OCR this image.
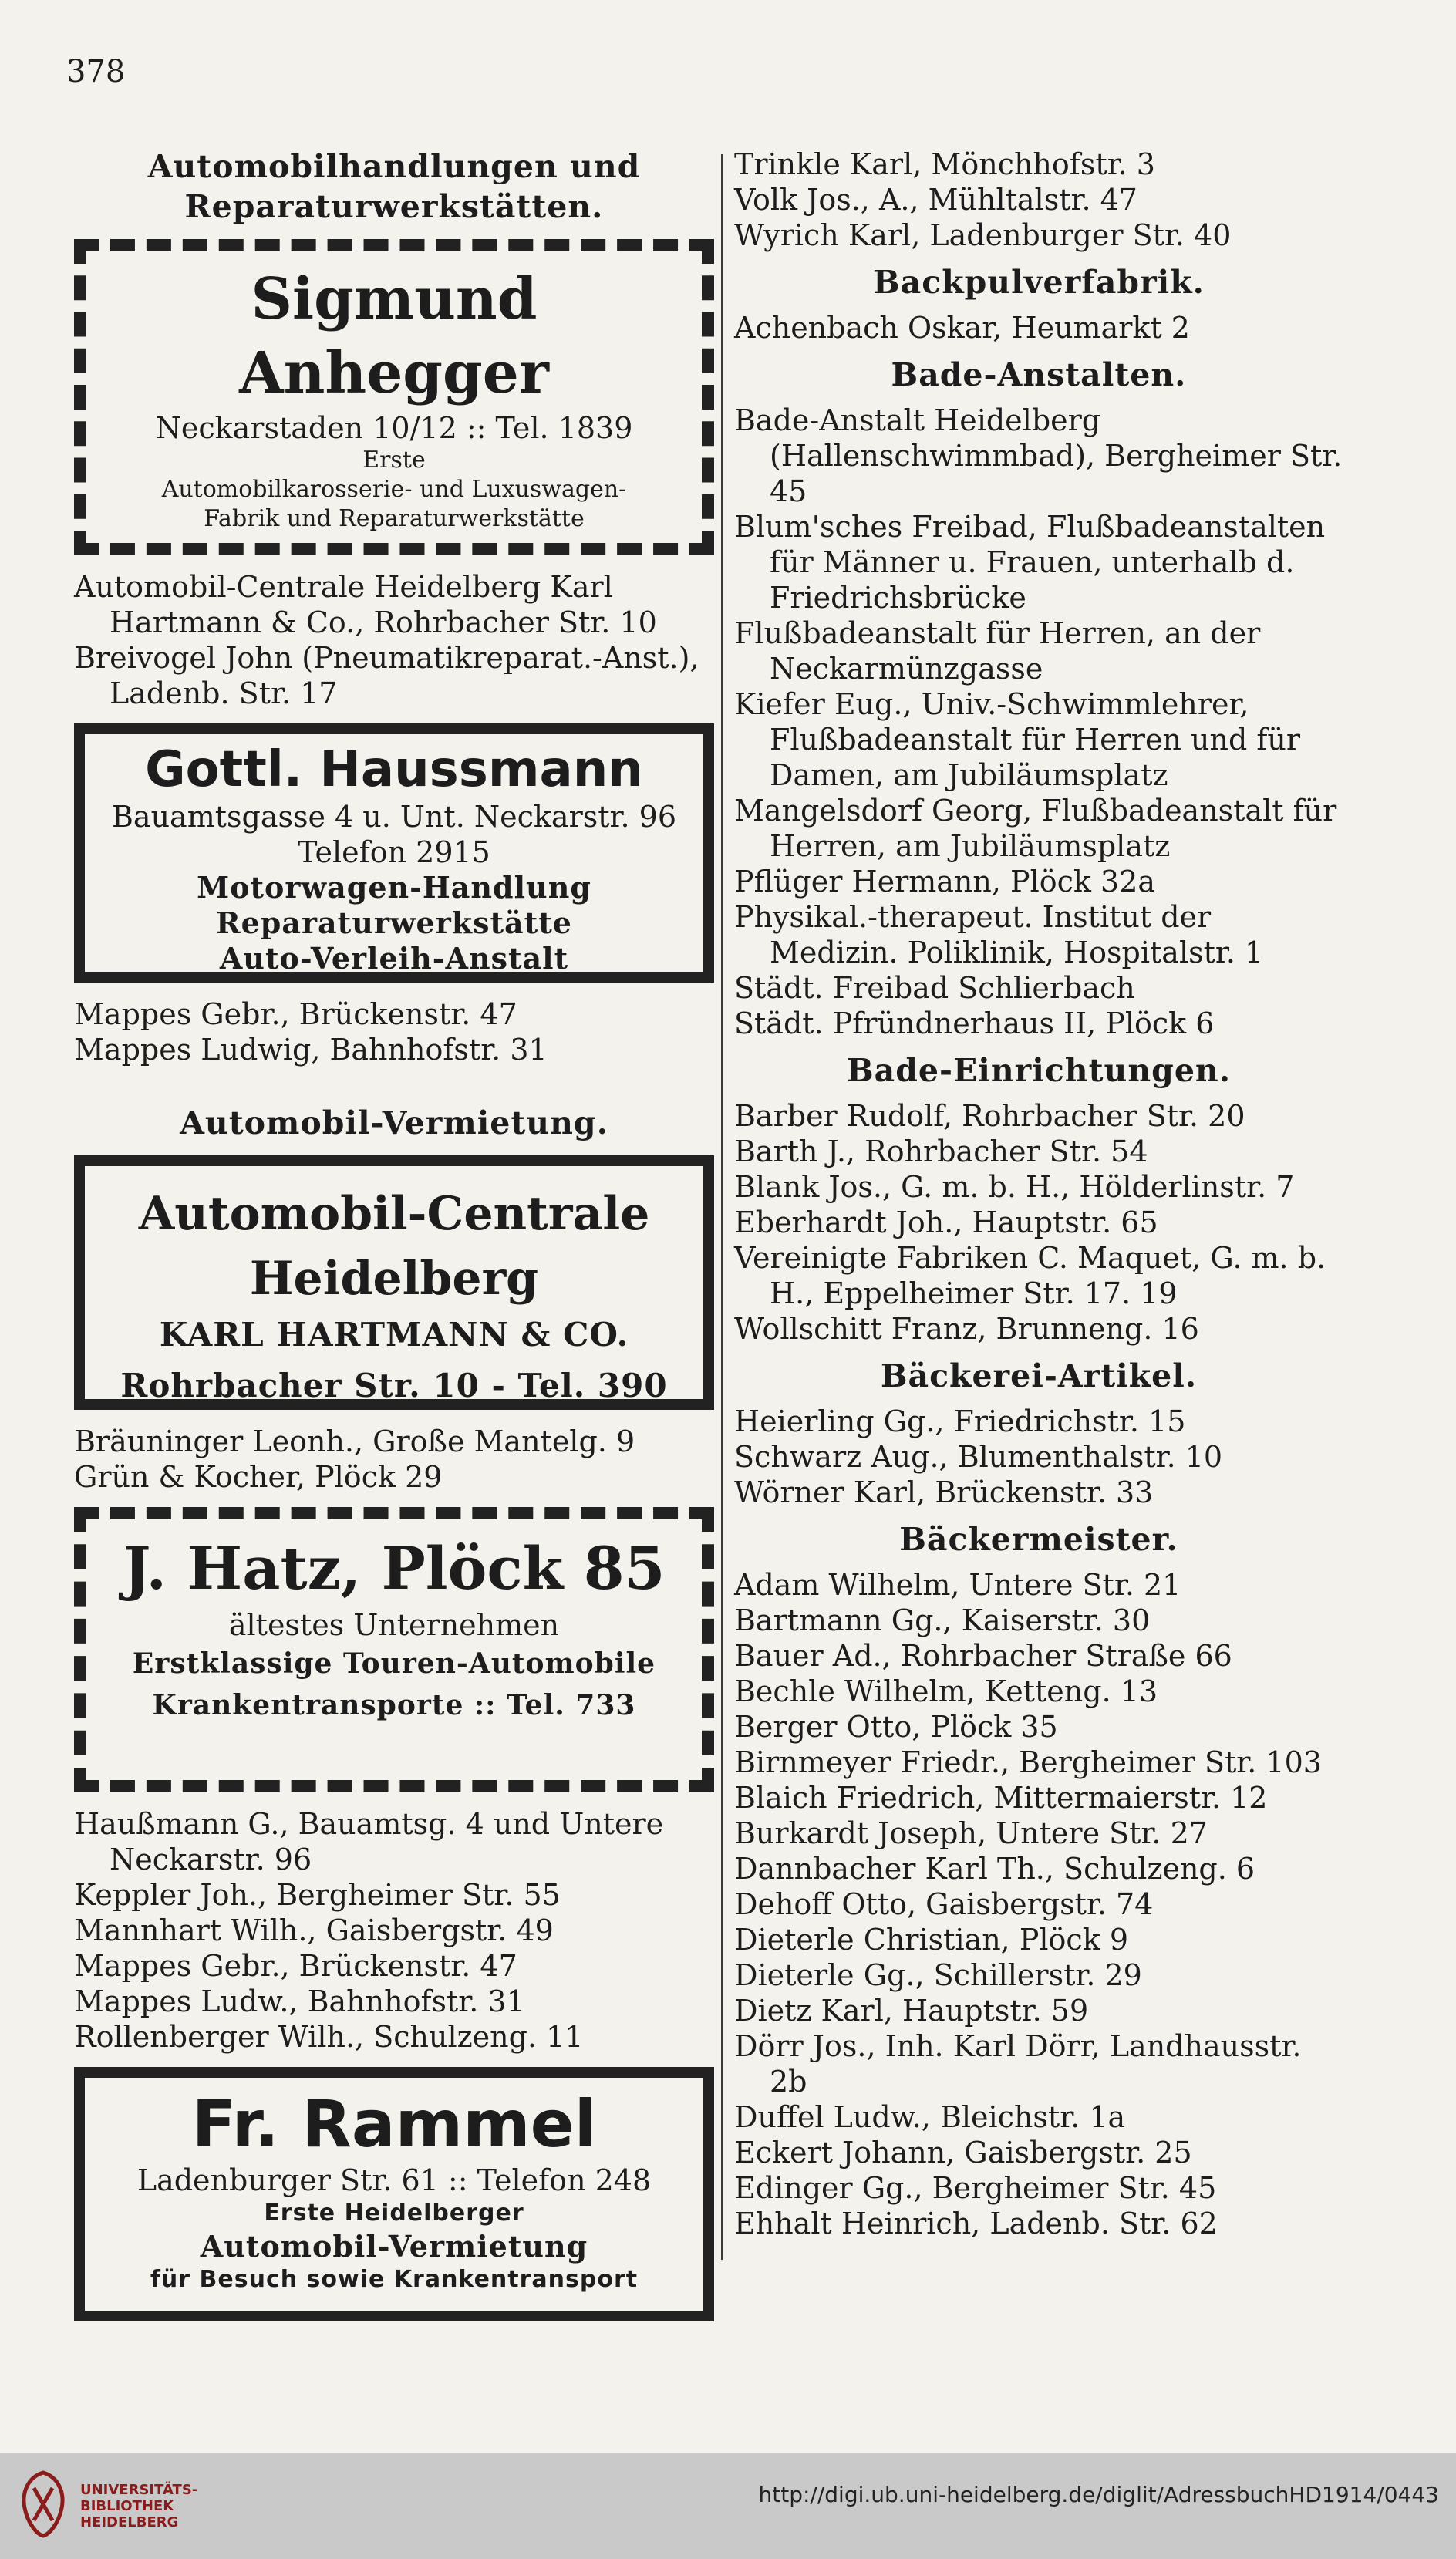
378
Automobilhandlungen und Reparaturwerkstätten.
Sigmund Anhegger
Neckarstaden 10/12 :: Tel. 1839
Erste
Automobilkarosserie- und Luxuswagen-
Fabrik und Reparaturwerkstätte
Automobil-Centrale Heidelberg Karl Hartmann & Co., Rohrbacher Str. 10
Breivogel John (Pneumatikreparat.-Anst.), Ladenb. Str. 17
Gottl. Haussmann
Bauamtsgasse 4 u. Unt. Neckarstr. 96
Telefon 2915
Motorwagen-Handlung
Reparaturwerkstätte
Auto-Verleih-Anstalt
Mappes Gebr., Brückenstr. 47
Mappes Ludwig, Bahnhofstr. 31
Automobil-Vermietung.
Automobil-Centrale Heidelberg
KARL HARTMANN & CO.
Rohrbacher Str. 10 - Tel. 390
Bräuninger Leonh., Große Mantelg. 9
Grün & Kocher, Plöck 29
J. Hatz, Plöck 85
ältestes Unternehmen
Erstklassige Touren-Automobile
Krankentransporte :: Tel. 733
Haußmann G., Bauamtsg. 4 und Untere Neckarstr. 96
Keppler Joh., Bergheimer Str. 55
Mannhart Wilh., Gaisbergstr. 49
Mappes Gebr., Brückenstr. 47
Mappes Ludw., Bahnhofstr. 31
Rollenberger Wilh., Schulzeng. 11
Fr. Rammel
Ladenburger Str. 61 :: Telefon 248
Erste Heidelberger
Automobil-Vermietung
für Besuch sowie Krankentransport
Trinkle Karl, Mönchhofstr. 3
Volk Jos., A., Mühltalstr. 47
Wyrich Karl, Ladenburger Str. 40
Backpulverfabrik.
Achenbach Oskar, Heumarkt 2
Bade-Anstalten.
Bade-Anstalt Heidelberg (Hallenschwimmbad), Bergheimer Str. 45
Blum'sches Freibad, Flußbadeanstalten für Männer u. Frauen, unterhalb d. Friedrichsbrücke
Flußbadeanstalt für Herren, an der Neckarmünzgasse
Kiefer Eug., Univ.-Schwimmlehrer, Flußbadeanstalt für Herren und für Damen, am Jubiläumsplatz
Mangelsdorf Georg, Flußbadeanstalt für Herren, am Jubiläumsplatz
Pflüger Hermann, Plöck 32a
Physikal.-therapeut. Institut der Medizin. Poliklinik, Hospitalstr. 1
Städt. Freibad Schlierbach
Städt. Pfründnerhaus II, Plöck 6
Bade-Einrichtungen.
Barber Rudolf, Rohrbacher Str. 20
Barth J., Rohrbacher Str. 54
Blank Jos., G. m. b. H., Hölderlinstr. 7
Eberhardt Joh., Hauptstr. 65
Vereinigte Fabriken C. Maquet, G. m. b. H., Eppelheimer Str. 17. 19
Wollschitt Franz, Brunneng. 16
Bäckerei-Artikel.
Heierling Gg., Friedrichstr. 15
Schwarz Aug., Blumenthalstr. 10
Wörner Karl, Brückenstr. 33
Bäckermeister.
Adam Wilhelm, Untere Str. 21
Bartmann Gg., Kaiserstr. 30
Bauer Ad., Rohrbacher Straße 66
Bechle Wilhelm, Ketteng. 13
Berger Otto, Plöck 35
Birnmeyer Friedr., Bergheimer Str. 103
Blaich Friedrich, Mittermaierstr. 12
Burkardt Joseph, Untere Str. 27
Dannbacher Karl Th., Schulzeng. 6
Dehoff Otto, Gaisbergstr. 74
Dieterle Christian, Plöck 9
Dieterle Gg., Schillerstr. 29
Dietz Karl, Hauptstr. 59
Dörr Jos., Inh. Karl Dörr, Landhausstr. 2b
Duffel Ludw., Bleichstr. 1a
Eckert Johann, Gaisbergstr. 25
Edinger Gg., Bergheimer Str. 45
Ehhalt Heinrich, Ladenb. Str. 62
UNIVERSITÄTS-
BIBLIOTHEK
HEIDELBERG
http://digi.ub.uni-heidelberg.de/diglit/AdressbuchHD1914/0443
